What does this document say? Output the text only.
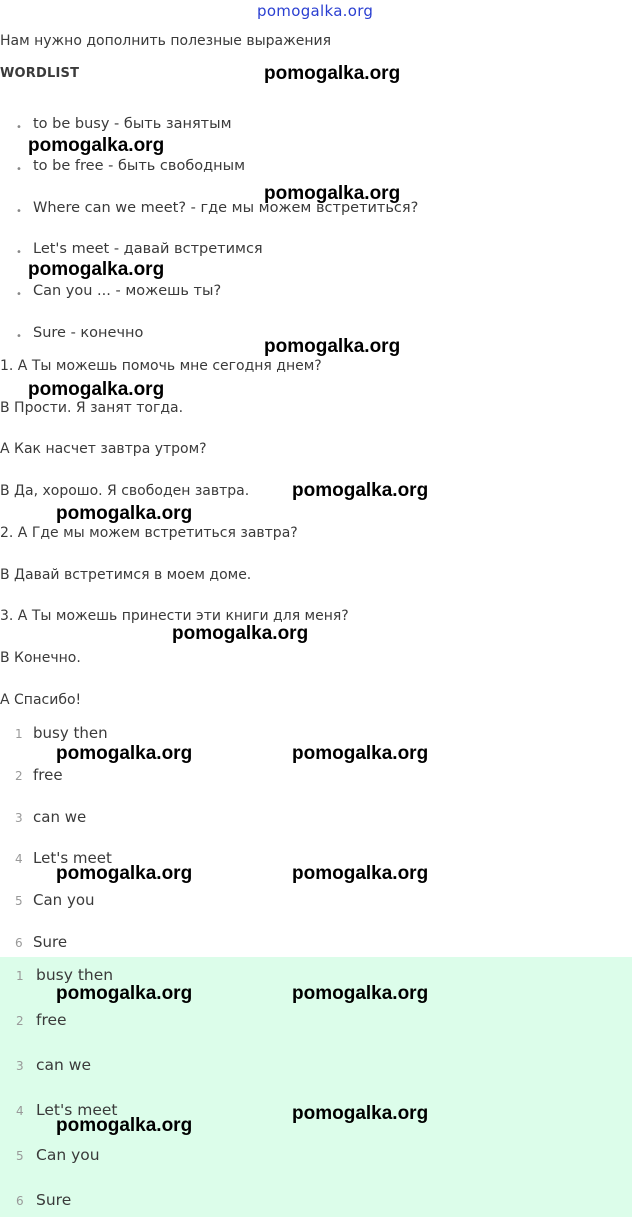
pomogalka.org
Нам нужно дополнить полезные выражения
WORDLIST
• to be busy - быть занятым
• to be free - быть свободным
• Where can we meet? - где мы можем встретиться?
• Let's meet - давай встретимся
• Can you ... - можешь ты?
• Sure - конечно
1. А Ты можешь помочь мне сегодня днем?
В Прости. Я занят тогда.
А Как насчет завтра утром?
В Да, хорошо. Я свободен завтра.
2. А Где мы можем встретиться завтра?
В Давай встретимся в моем доме.
3. А Ты можешь принести эти книги для меня?
В Конечно.
А Спасибо!
1 busy then
2 free
3 can we
4 Let's meet
5 Can you
6 Sure
1 busy then
2 free
3 can we
4 Let's meet
5 Can you
6 Sure
pomogalka.org
pomogalka.org
pomogalka.org
pomogalka.org
pomogalka.org
pomogalka.org
pomogalka.org
pomogalka.org
pomogalka.org
pomogalka.org	pomogalka.org
pomogalka.org	pomogalka.org
pomogalka.org	pomogalka.org
pomogalka.org
pomogalka.org
